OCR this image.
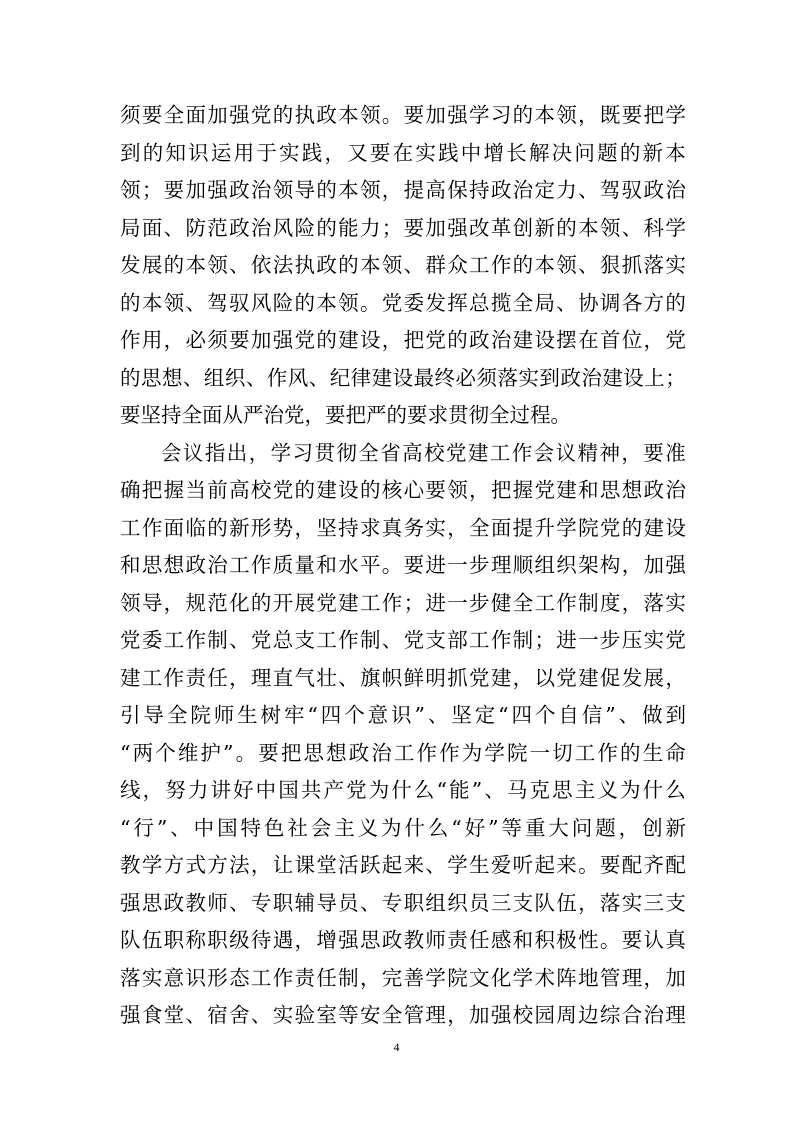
须 要 全 面 加 强 党 的 执 政 本 领 。 要 加 强 学 习 的 本 领 ， 既 要 把 学
到 的 知 识 运 用 于 实 践 ， 又 要 在 实 践 中 增 长 解 决 问 题 的 新 本
领 ； 要 加 强 政 治 领 导 的 本 领 ， 提 高 保 持 政 治 定 力 、 驾 驭 政 治
局 面 、 防 范 政 治 风 险 的 能 力 ； 要 加 强 改 革 创 新 的 本 领 、 科 学
发 展 的 本 领 、 依 法 执 政 的 本 领 、 群 众 工 作 的 本 领 、 狠 抓 落 实
的 本 领 、 驾 驭 风 险 的 本 领 。 党 委 发 挥 总 揽 全 局 、 协 调 各 方 的
作 用 ， 必 须 要 加 强 党 的 建 设 ， 把 党 的 政 治 建 设 摆 在 首 位 ， 党
的 思 想 、 组 织 、 作 风 、 纪 律 建 设 最 终 必 须 落 实 到 政 治 建 设 上 ；
要 坚 持 全 面 从 严 治 党 ， 要 把 严 的 要 求 贯 彻 全 过 程 。
会 议 指 出 ， 学 习 贯 彻 全 省 高 校 党 建 工 作 会 议 精 神 ， 要 准
确 把 握 当 前 高 校 党 的 建 设 的 核 心 要 领 ， 把 握 党 建 和 思 想 政 治
工 作 面 临 的 新 形 势 ， 坚 持 求 真 务 实 ， 全 面 提 升 学 院 党 的 建 设
和 思 想 政 治 工 作 质 量 和 水 平 。 要 进 一 步 理 顺 组 织 架 构 ， 加 强
领 导 ， 规 范 化 的 开 展 党 建 工 作 ； 进 一 步 健 全 工 作 制 度 ， 落 实
党 委 工 作 制 、 党 总 支 工 作 制 、 党 支 部 工 作 制 ； 进 一 步 压 实 党
建 工 作 责 任 ， 理 直 气 壮 、 旗 帜 鲜 明 抓 党 建 ， 以 党 建 促 发 展 ，
引 导 全 院 师 生 树 牢 “ 四 个 意 识 ” 、 坚 定 “ 四 个 自 信 ” 、 做 到
“ 两 个 维 护 ” 。 要 把 思 想 政 治 工 作 作 为 学 院 一 切 工 作 的 生 命
线 ， 努 力 讲 好 中 国 共 产 党 为 什 么 “ 能 ” 、 马 克 思 主 义 为 什 么
“ 行 ” 、 中 国 特 色 社 会 主 义 为 什 么 “ 好 ” 等 重 大 问 题 ， 创 新
教 学 方 式 方 法 ， 让 课 堂 活 跃 起 来 、 学 生 爱 听 起 来 。 要 配 齐 配
强 思 政 教 师 、 专 职 辅 导 员 、 专 职 组 织 员 三 支 队 伍 ， 落 实 三 支
队 伍 职 称 职 级 待 遇 ， 增 强 思 政 教 师 责 任 感 和 积 极 性 。 要 认 真
落 实 意 识 形 态 工 作 责 任 制 ， 完 善 学 院 文 化 学 术 阵 地 管 理 ， 加
强 食 堂 、 宿 舍 、 实 验 室 等 安 全 管 理 ， 加 强 校 园 周 边 综 合 治 理
4
